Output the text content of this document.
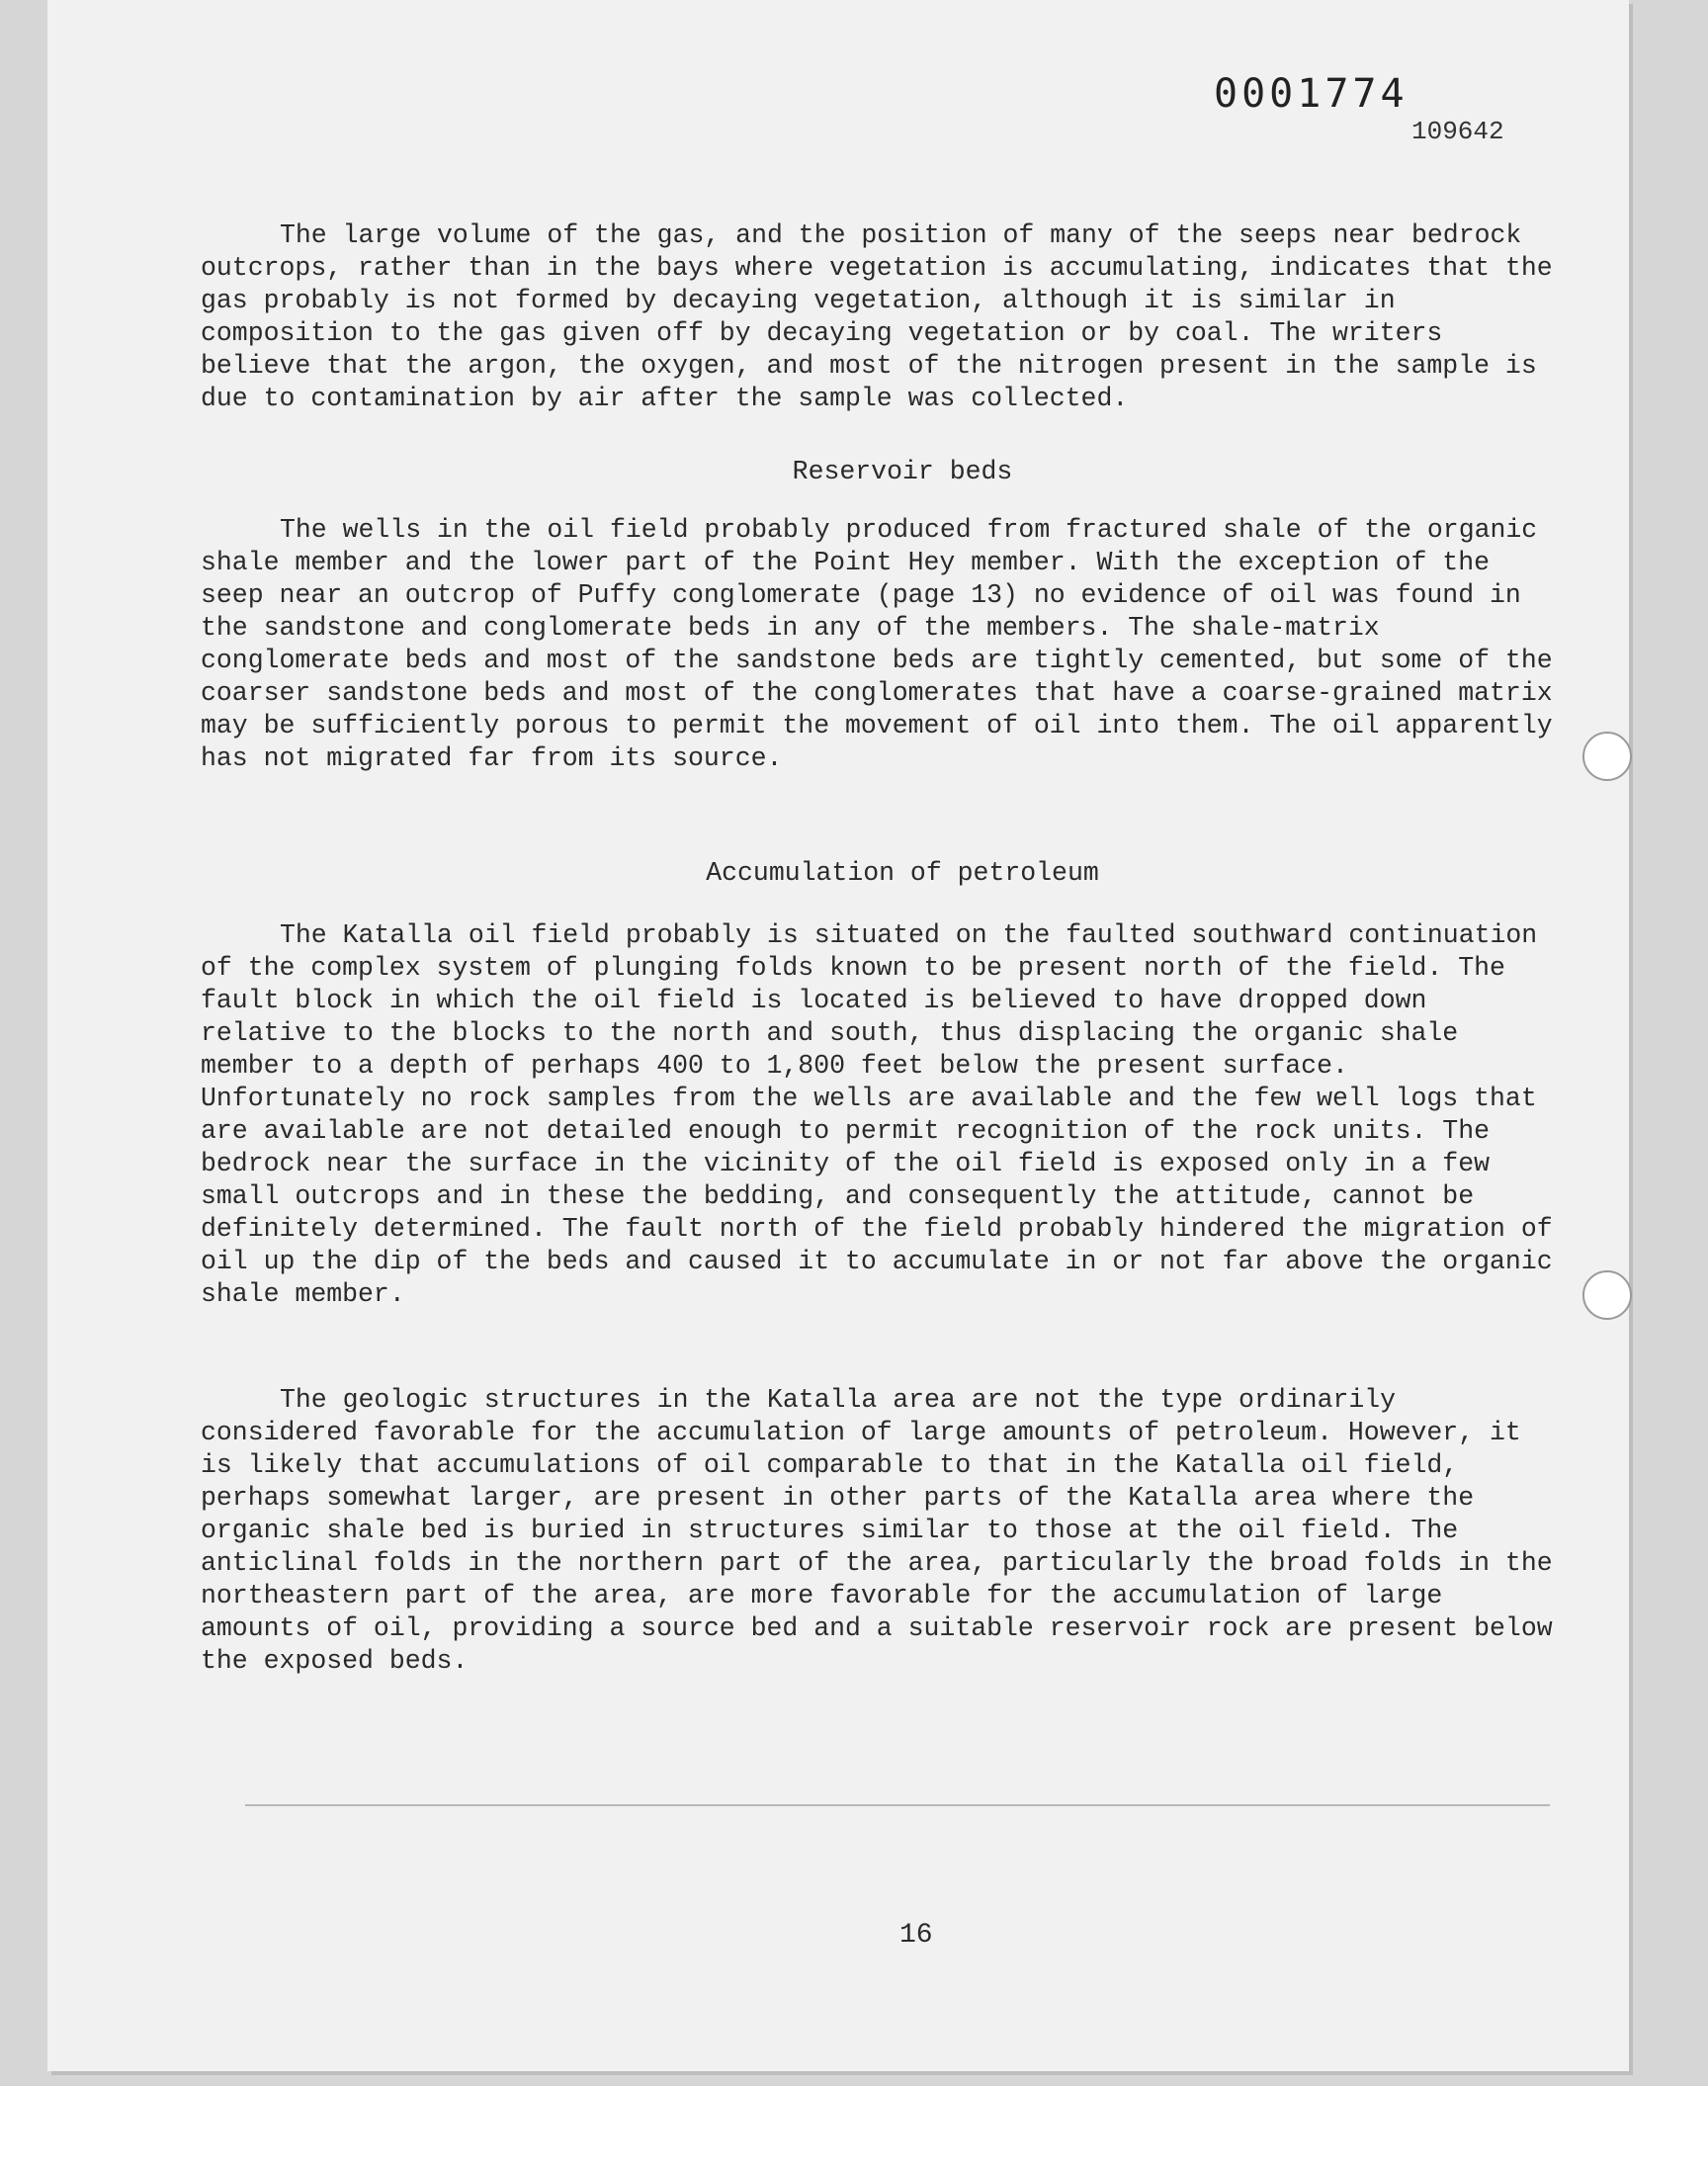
0001774
109642

The large volume of the gas, and the position of many of the seeps near bedrock outcrops, rather than in the bays where vegetation is accumulating, indicates that the gas probably is not formed by decaying vegetation, although it is similar in composition to the gas given off by decaying vegetation or by coal. The writers believe that the argon, the oxygen, and most of the nitrogen present in the sample is due to contamination by air after the sample was collected.

Reservoir beds

The wells in the oil field probably produced from fractured shale of the organic shale member and the lower part of the Point Hey member. With the exception of the seep near an outcrop of Puffy conglomerate (page 13) no evidence of oil was found in the sandstone and conglomerate beds in any of the members. The shale-matrix conglomerate beds and most of the sandstone beds are tightly cemented, but some of the coarser sandstone beds and most of the conglomerates that have a coarse-grained matrix may be sufficiently porous to permit the movement of oil into them. The oil apparently has not migrated far from its source.

Accumulation of petroleum

The Katalla oil field probably is situated on the faulted southward continuation of the complex system of plunging folds known to be present north of the field. The fault block in which the oil field is located is believed to have dropped down relative to the blocks to the north and south, thus displacing the organic shale member to a depth of perhaps 400 to 1,800 feet below the present surface. Unfortunately no rock samples from the wells are available and the few well logs that are available are not detailed enough to permit recognition of the rock units. The bedrock near the surface in the vicinity of the oil field is exposed only in a few small outcrops and in these the bedding, and consequently the attitude, cannot be definitely determined. The fault north of the field probably hindered the migration of oil up the dip of the beds and caused it to accumulate in or not far above the organic shale member.

The geologic structures in the Katalla area are not the type ordinarily considered favorable for the accumulation of large amounts of petroleum. However, it is likely that accumulations of oil comparable to that in the Katalla oil field, perhaps somewhat larger, are present in other parts of the Katalla area where the organic shale bed is buried in structures similar to those at the oil field. The anticlinal folds in the northern part of the area, particularly the broad folds in the northeastern part of the area, are more favorable for the accumulation of large amounts of oil, providing a source bed and a suitable reservoir rock are present below the exposed beds.

16
